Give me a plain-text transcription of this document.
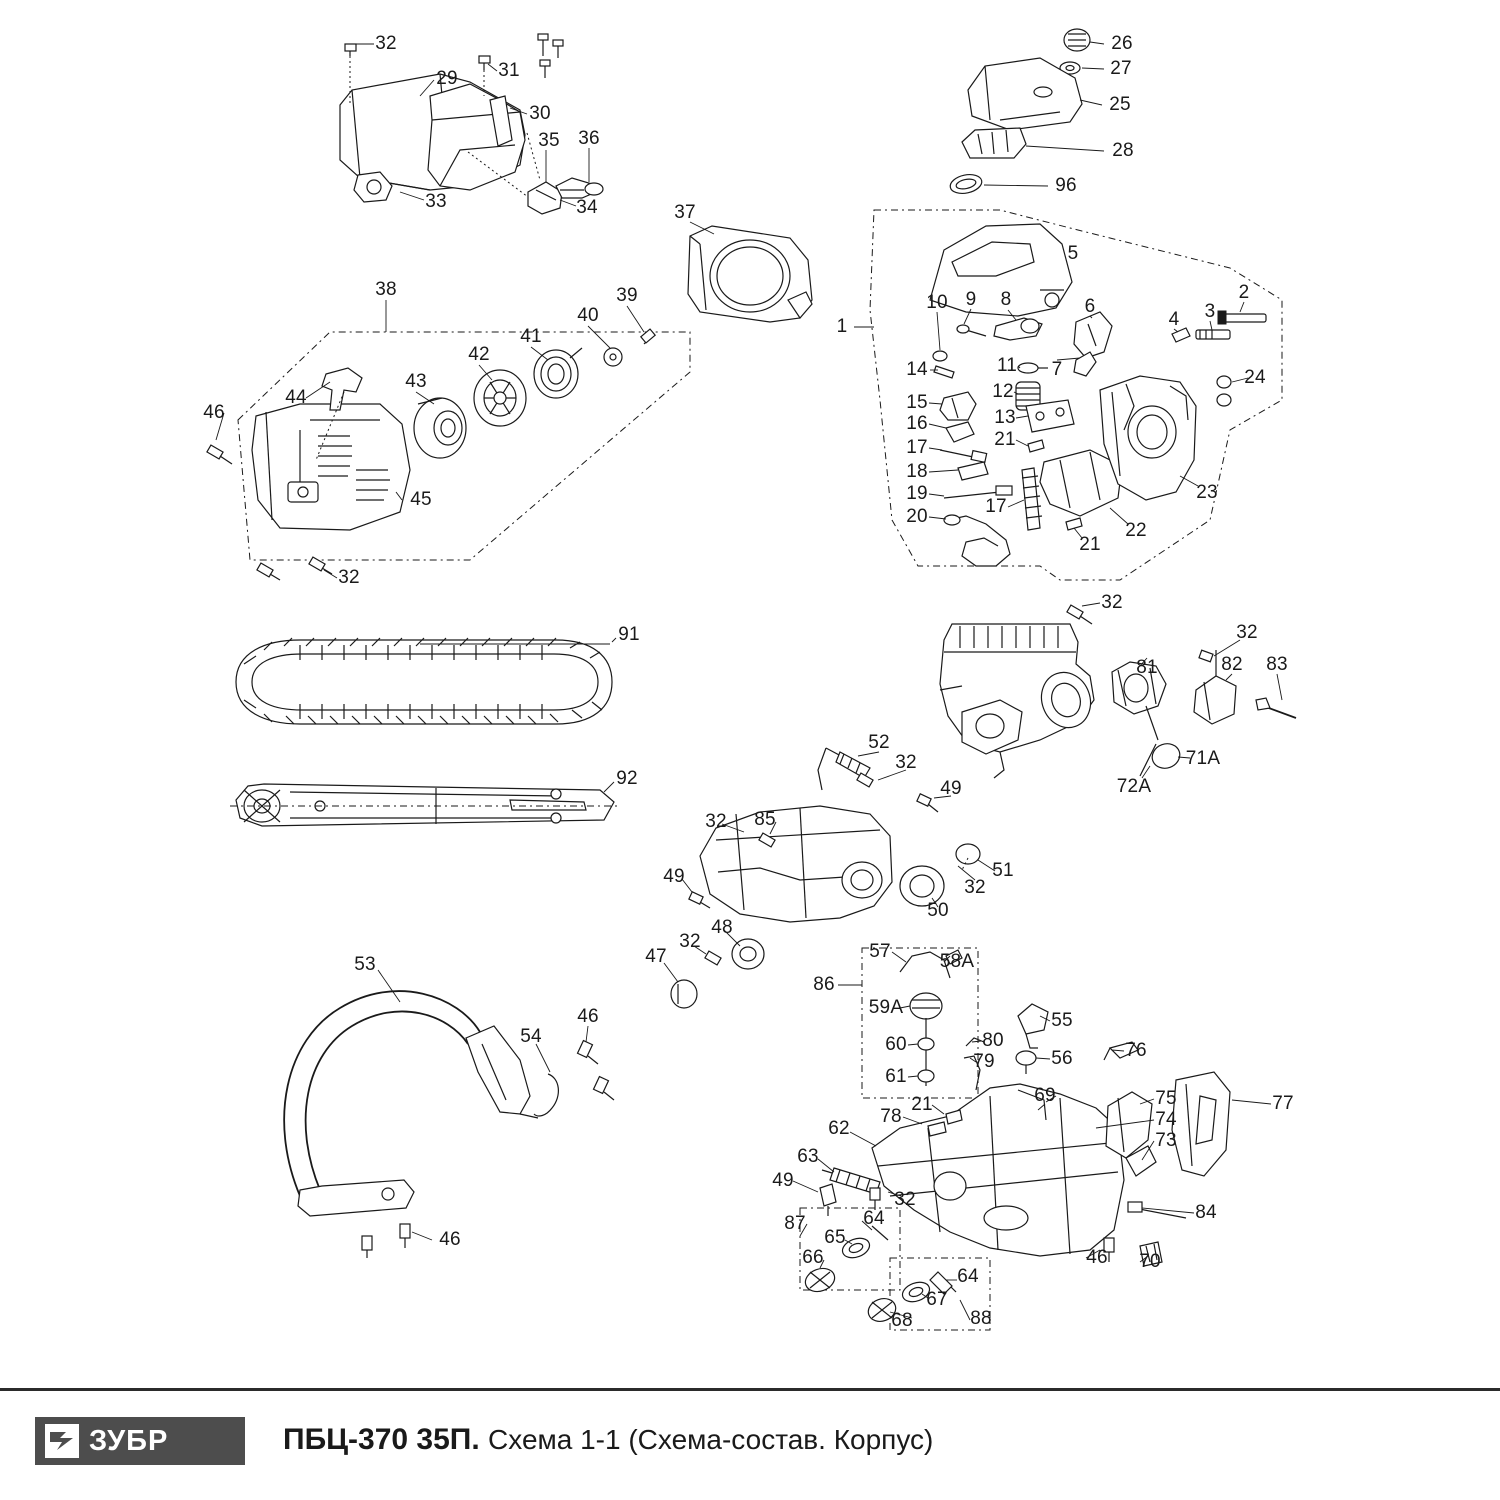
32
29 31
30
35 36
33	34	37
38	39
40
41
42
43
44
46
45
32
26
27
25
28
96
5
1
10 9 8	6
4 3
2
14	11 7
12
24
15
13
16
21
17
18
19
17
20
23
22
21
32
32
81	82 83
71A
72A
91
92
52
32
49
32 85
51
32
49
50
48
32
47	57	58A
86
59A
55
60	80
56	76
79
61
69	75	77
21
74
78
73
62
63
49
32
84
87	64
65
66	46 70
64
67
68	88
53
54
46
46
ЗУБР	ПБЦ-370 35П. Схема 1-1 (Схема-состав. Корпус)
